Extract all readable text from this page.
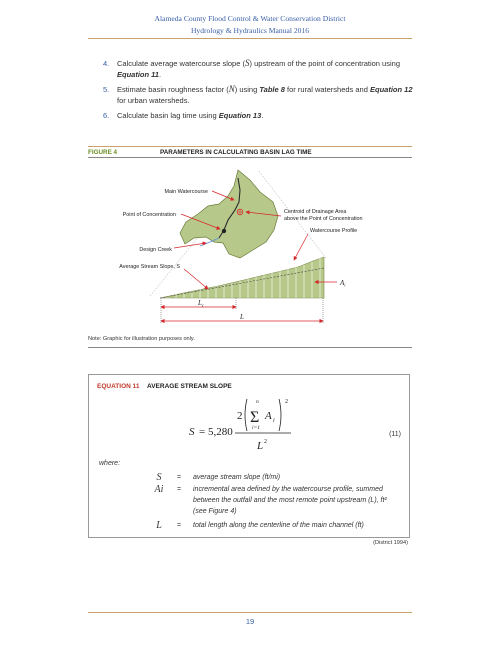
Alameda County Flood Control & Water Conservation District
Hydrology & Hydraulics Manual 2016
4. Calculate average watercourse slope (S) upstream of the point of concentration using Equation 11.
5. Estimate basin roughness factor (N) using Table 8 for rural watersheds and Equation 12 for urban watersheds.
6. Calculate basin lag time using Equation 13.
FIGURE 4	PARAMETERS IN CALCULATING BASIN LAG TIME
Main Watercourse
Point of Concentration	Centroid of Drainage Area
above the Point of Concentration
Watercourse Profile
Design Creek
Average Stream Slope, S
$A_i$
$L_c$
L
Note: Graphic for illustration purposes only.
EQUATION 11 AVERAGE STREAM SLOPE
S = 5,280
2 Σ
n
i=1
A i
2
L 2
(11)
where:
S	= average stream slope (ft/mi)
Ai	= incremental area defined by the watercourse profile, summed between the outfall and the most remote point upstream (L), ft² (see Figure 4)
L	= total length along the centerline of the main channel (ft)
(District 1994)
19
